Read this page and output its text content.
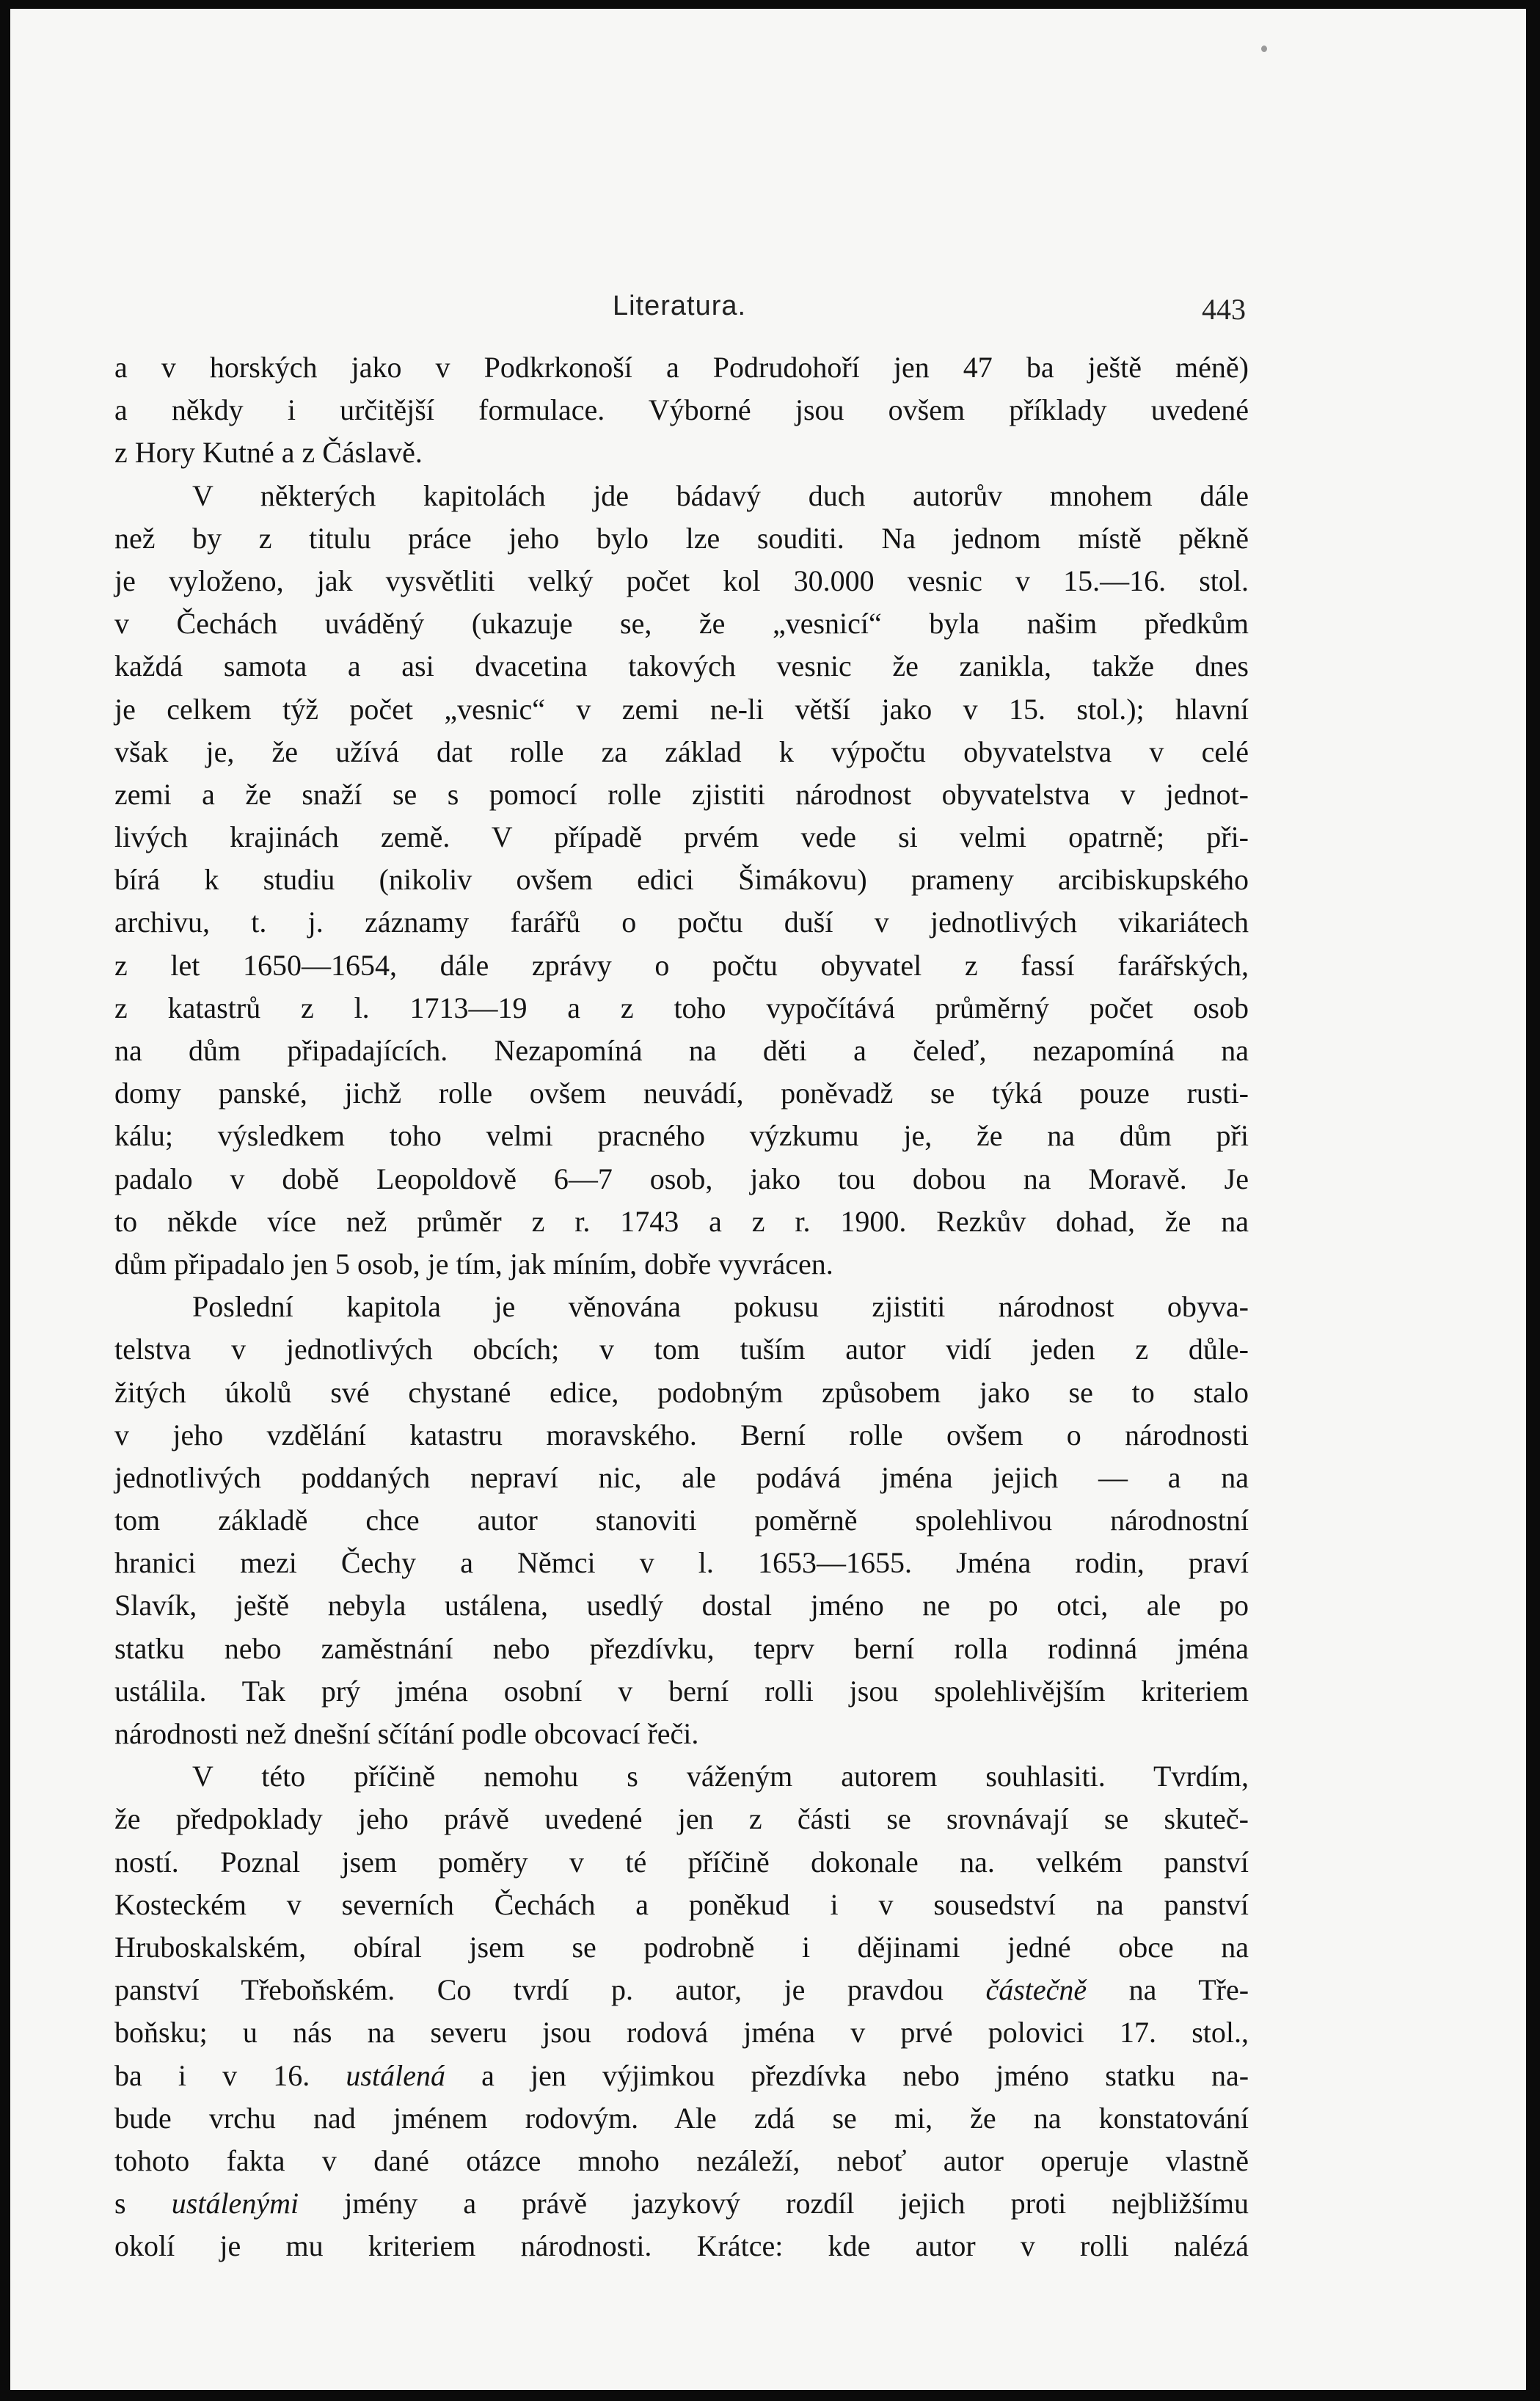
Literatura.	443
a v horských jako v Podkrkonoší a Podrudohoří jen 47 ba ještě méně)
a někdy i určitější formulace. Výborné jsou ovšem příklady uvedené
z Hory Kutné a z Čáslavě.
V některých kapitolách jde bádavý duch autorův mnohem dále
než by z titulu práce jeho bylo lze souditi. Na jednom místě pěkně
je vyloženo, jak vysvětliti velký počet kol 30.000 vesnic v 15.—16. stol.
v Čechách uváděný (ukazuje se, že „vesnicí“ byla našim předkům
každá samota a asi dvacetina takových vesnic že zanikla, takže dnes
je celkem týž počet „vesnic“ v zemi ne-li větší jako v 15. stol.); hlavní
však je, že užívá dat rolle za základ k výpočtu obyvatelstva v celé
zemi a že snaží se s pomocí rolle zjistiti národnost obyvatelstva v jednot-
livých krajinách země. V případě prvém vede si velmi opatrně; při-
bírá k studiu (nikoliv ovšem edici Šimákovu) prameny arcibiskupského
archivu, t. j. záznamy farářů o počtu duší v jednotlivých vikariátech
z let 1650—1654, dále zprávy o počtu obyvatel z fassí farářských,
z katastrů z l. 1713—19 a z toho vypočítává průměrný počet osob
na dům připadajících. Nezapomíná na děti a čeleď, nezapomíná na
domy panské, jichž rolle ovšem neuvádí, poněvadž se týká pouze rusti-
kálu; výsledkem toho velmi pracného výzkumu je, že na dům při
padalo v době Leopoldově 6—7 osob, jako tou dobou na Moravě. Je
to někde více než průměr z r. 1743 a z r. 1900. Rezkův dohad, že na
dům připadalo jen 5 osob, je tím, jak míním, dobře vyvrácen.
Poslední kapitola je věnována pokusu zjistiti národnost obyva-
telstva v jednotlivých obcích; v tom tuším autor vidí jeden z důle-
žitých úkolů své chystané edice, podobným způsobem jako se to stalo
v jeho vzdělání katastru moravského. Berní rolle ovšem o národnosti
jednotlivých poddaných nepraví nic, ale podává jména jejich — a na
tom základě chce autor stanoviti poměrně spolehlivou národnostní
hranici mezi Čechy a Němci v l. 1653—1655. Jména rodin, praví
Slavík, ještě nebyla ustálena, usedlý dostal jméno ne po otci, ale po
statku nebo zaměstnání nebo přezdívku, teprv berní rolla rodinná jména
ustálila. Tak prý jména osobní v berní rolli jsou spolehlivějším kriteriem
národnosti než dnešní sčítání podle obcovací řeči.
V této příčině nemohu s váženým autorem souhlasiti. Tvrdím,
že předpoklady jeho právě uvedené jen z části se srovnávají se skuteč-
ností. Poznal jsem poměry v té příčině dokonale na. velkém panství
Kosteckém v severních Čechách a poněkud i v sousedství na panství
Hruboskalském, obíral jsem se podrobně i dějinami jedné obce na
panství Třeboňském. Co tvrdí p. autor, je pravdou částečně na Tře-
boňsku; u nás na severu jsou rodová jména v prvé polovici 17. stol.,
ba i v 16. ustálená a jen výjimkou přezdívka nebo jméno statku na-
bude vrchu nad jménem rodovým. Ale zdá se mi, že na konstatování
tohoto fakta v dané otázce mnoho nezáleží, neboť autor operuje vlastně
s ustálenými jmény a právě jazykový rozdíl jejich proti nejbližšímu
okolí je mu kriteriem národnosti. Krátce: kde autor v rolli nalézá
